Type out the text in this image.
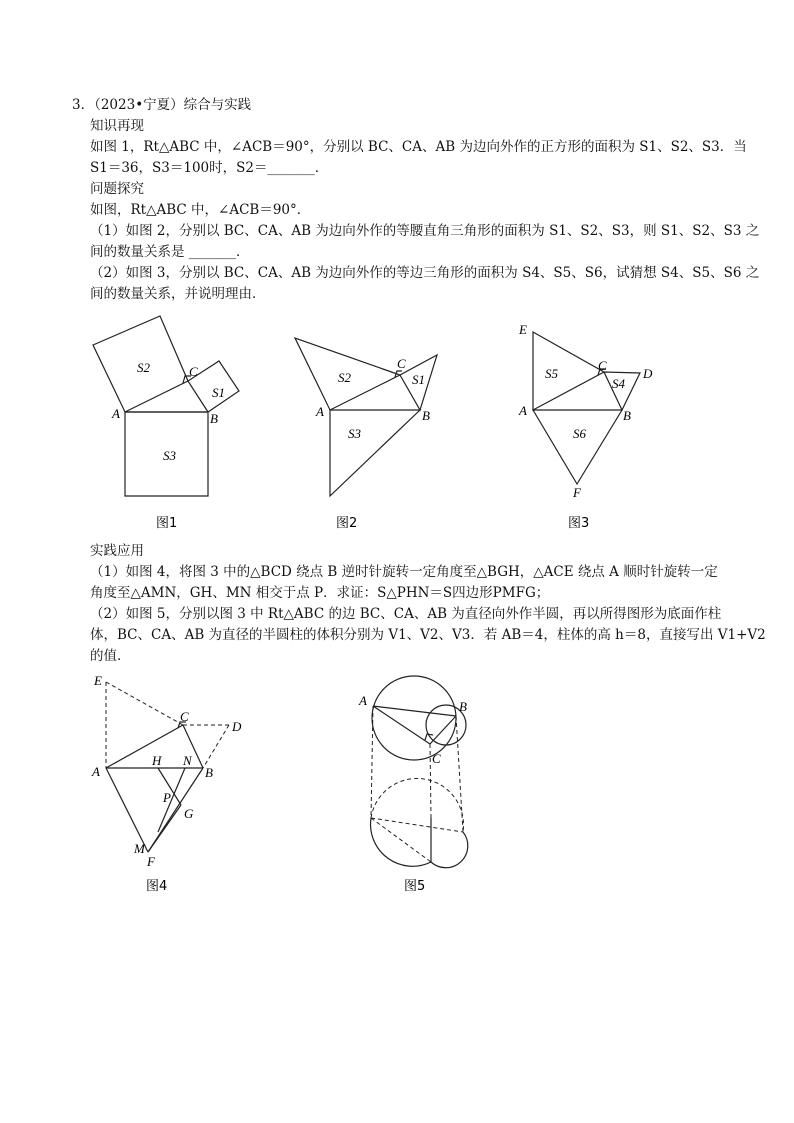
3．（2023•宁夏）综合与实践
知识再现
如图 1，Rt△ABC 中，∠ACB＝90°，分别以 BC、CA、AB 为边向外作的正方形的面积为 S1、S2、S3．当
S1＝36，S3＝100时，S2＝_______．
问题探究
如图，Rt△ABC 中，∠ACB＝90°．
（1）如图 2，分别以 BC、CA、AB 为边向外作的等腰直角三角形的面积为 S1、S2、S3，则 S1、S2、S3 之
间的数量关系是 _______．
（2）如图 3，分别以 BC、CA、AB 为边向外作的等边三角形的面积为 S4、S5、S6，试猜想 S4、S5、S6 之
间的数量关系，并说明理由．
S2
S1
S3
C
A	B
图1
S2	S1
S3
C
A	B
图2
E
C
D
S5
S4
A	B
S6
F
图3
实践应用
（1）如图 4，将图 3 中的△BCD 绕点 B 逆时针旋转一定角度至△BGH，△ACE 绕点 A 顺时针旋转一定
角度至△AMN，GH、MN 相交于点 P．求证：S△PHN＝S四边形PMFG；
（2）如图 5，分别以图 3 中 Rt△ABC 的边 BC、CA、AB 为直径向外作半圆，再以所得图形为底面作柱
体，BC、CA、AB 为直径的半圆柱的体积分别为 V1、V2、V3．若 AB＝4，柱体的高 h＝8，直接写出 V1+V2
的值．
E
C
D
A
H N
B
P
G
M
F
图4
A	B
C
图5
